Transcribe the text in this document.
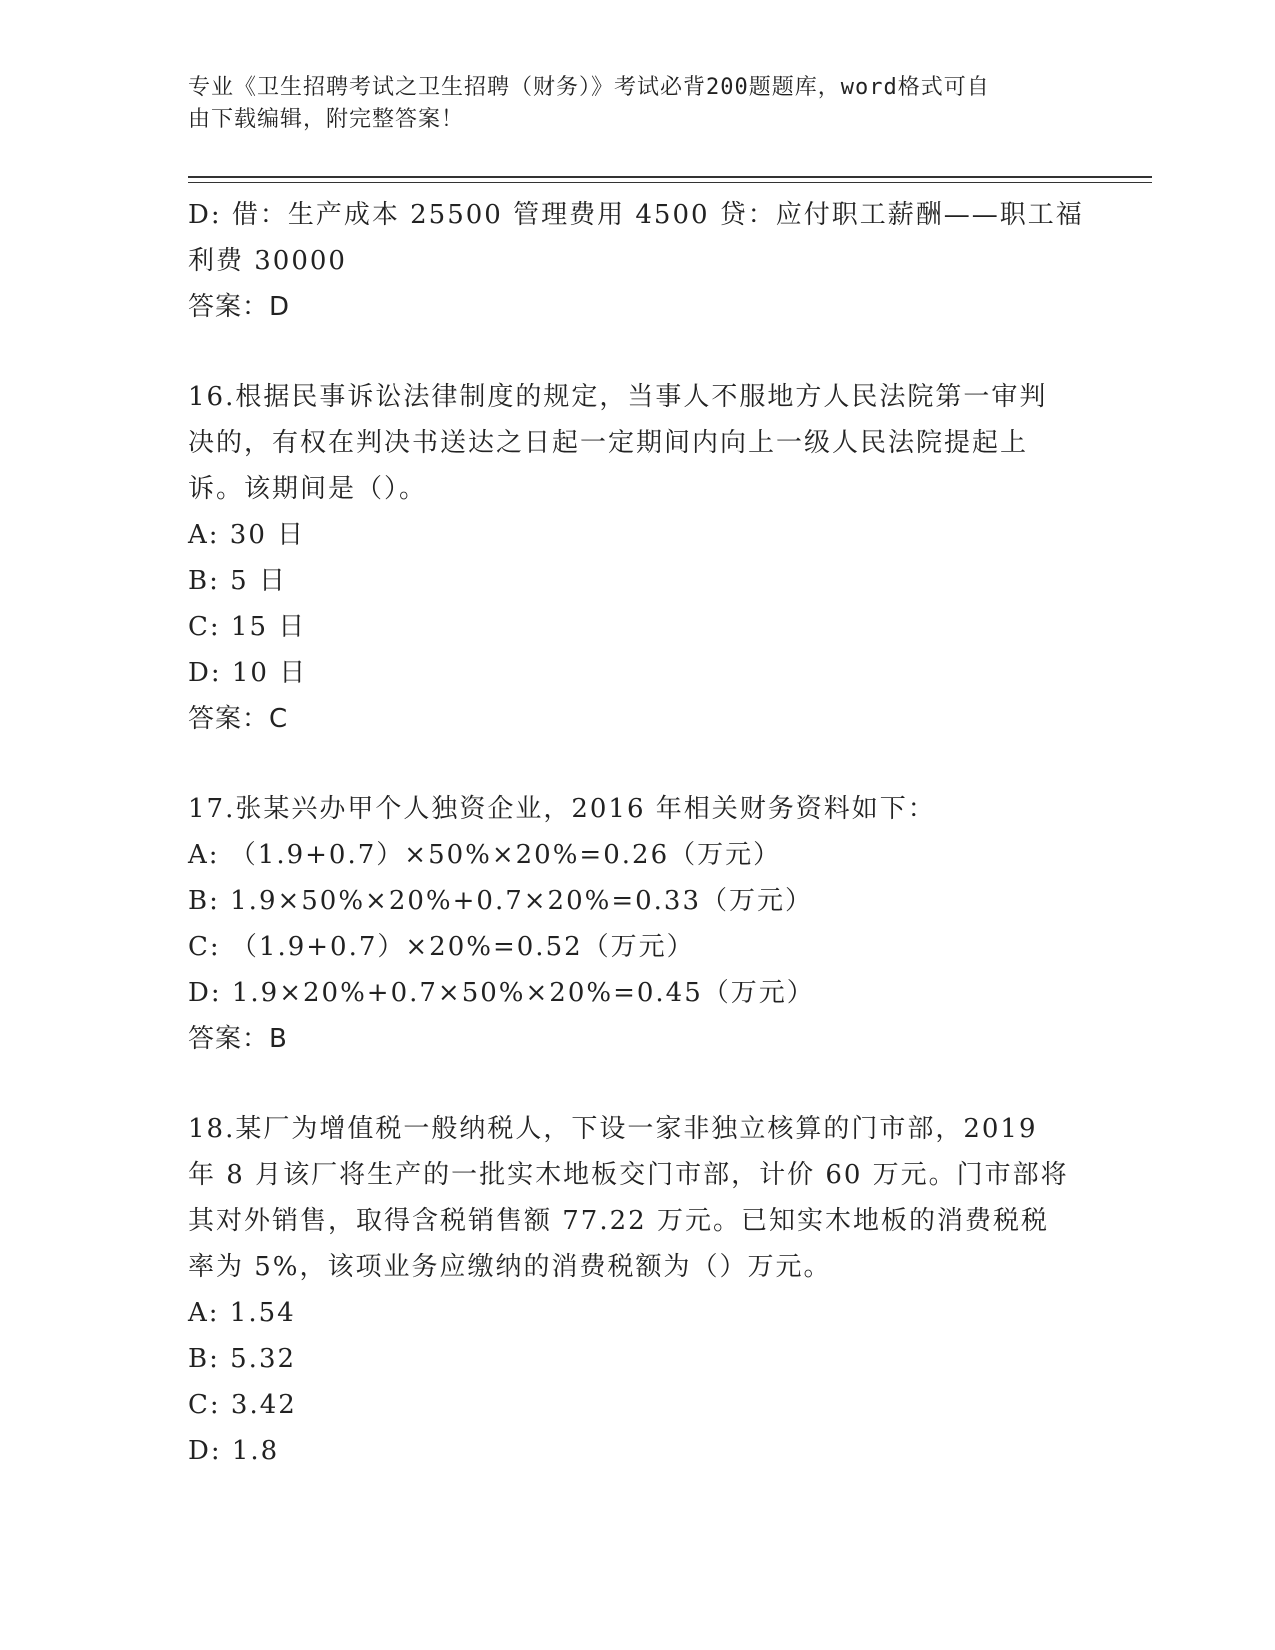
专业《卫生招聘考试之卫生招聘（财务）》考试必背200题题库，word格式可自
由下载编辑，附完整答案！
D: 借：生产成本 25500 管理费用 4500 贷：应付职工薪酬——职工福
利费 30000
答案：D
16.根据民事诉讼法律制度的规定，当事人不服地方人民法院第一审判
决的，有权在判决书送达之日起一定期间内向上一级人民法院提起上
诉。该期间是（）。
A: 30 日
B: 5 日
C: 15 日
D: 10 日
答案：C
17.张某兴办甲个人独资企业，2016 年相关财务资料如下：
A: （1.9+0.7）×50%×20%=0.26（万元）
B: 1.9×50%×20%+0.7×20%=0.33（万元）
C: （1.9+0.7）×20%=0.52（万元）
D: 1.9×20%+0.7×50%×20%=0.45（万元）
答案：B
18.某厂为增值税一般纳税人，下设一家非独立核算的门市部，2019
年 8 月该厂将生产的一批实木地板交门市部，计价 60 万元。门市部将
其对外销售，取得含税销售额 77.22 万元。已知实木地板的消费税税
率为 5%，该项业务应缴纳的消费税额为（）万元。
A: 1.54
B: 5.32
C: 3.42
D: 1.8
